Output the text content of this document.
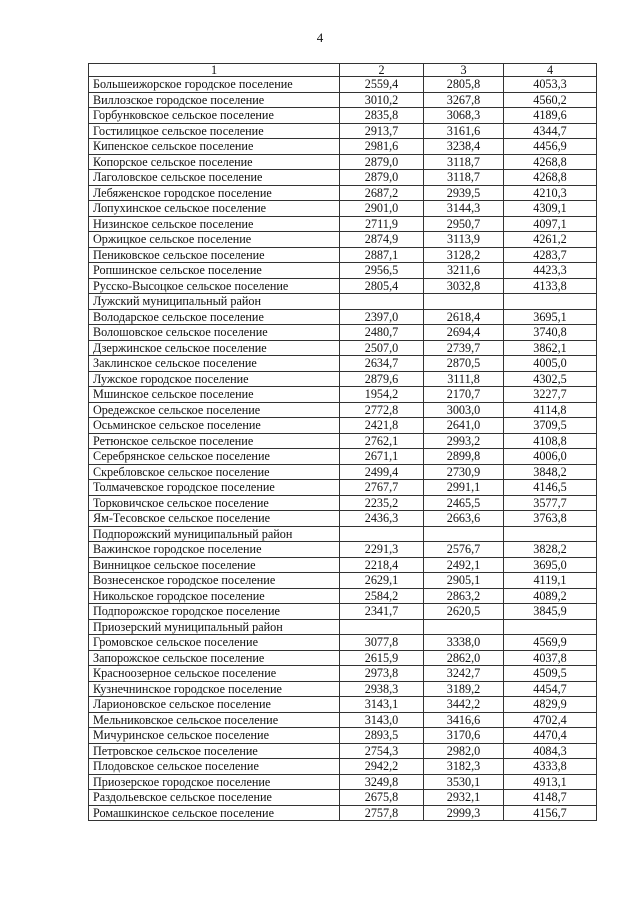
4
1	2	3	4
Большеижорское городское поселение	2559,4	2805,8	4053,3
Виллозское городское поселение	3010,2	3267,8	4560,2
Горбунковское сельское поселение	2835,8	3068,3	4189,6
Гостилицкое сельское поселение	2913,7	3161,6	4344,7
Кипенское сельское поселение	2981,6	3238,4	4456,9
Копорское сельское поселение	2879,0	3118,7	4268,8
Лаголовское сельское поселение	2879,0	3118,7	4268,8
Лебяженское городское поселение	2687,2	2939,5	4210,3
Лопухинское сельское поселение	2901,0	3144,3	4309,1
Низинское сельское поселение	2711,9	2950,7	4097,1
Оржицкое сельское поселение	2874,9	3113,9	4261,2
Пениковское сельское поселение	2887,1	3128,2	4283,7
Ропшинское сельское поселение	2956,5	3211,6	4423,3
Русско-Высоцкое сельское поселение	2805,4	3032,8	4133,8
Лужский муниципальный район			
Володарское сельское поселение	2397,0	2618,4	3695,1
Волошовское сельское поселение	2480,7	2694,4	3740,8
Дзержинское сельское поселение	2507,0	2739,7	3862,1
Заклинское сельское поселение	2634,7	2870,5	4005,0
Лужское городское поселение	2879,6	3111,8	4302,5
Мшинское сельское поселение	1954,2	2170,7	3227,7
Оредежское сельское поселение	2772,8	3003,0	4114,8
Осьминское сельское поселение	2421,8	2641,0	3709,5
Ретюнское сельское поселение	2762,1	2993,2	4108,8
Серебрянское сельское поселение	2671,1	2899,8	4006,0
Скребловское сельское поселение	2499,4	2730,9	3848,2
Толмачевское городское поселение	2767,7	2991,1	4146,5
Торковичское сельское поселение	2235,2	2465,5	3577,7
Ям-Тесовское сельское поселение	2436,3	2663,6	3763,8
Подпорожский муниципальный район			
Важинское городское поселение	2291,3	2576,7	3828,2
Винницкое сельское поселение	2218,4	2492,1	3695,0
Вознесенское городское поселение	2629,1	2905,1	4119,1
Никольское городское поселение	2584,2	2863,2	4089,2
Подпорожское городское поселение	2341,7	2620,5	3845,9
Приозерский муниципальный район			
Громовское сельское поселение	3077,8	3338,0	4569,9
Запорожское сельское поселение	2615,9	2862,0	4037,8
Красноозерное сельское поселение	2973,8	3242,7	4509,5
Кузнечнинское городское поселение	2938,3	3189,2	4454,7
Ларионовское сельское поселение	3143,1	3442,2	4829,9
Мельниковское сельское поселение	3143,0	3416,6	4702,4
Мичуринское сельское поселение	2893,5	3170,6	4470,4
Петровское сельское поселение	2754,3	2982,0	4084,3
Плодовское сельское поселение	2942,2	3182,3	4333,8
Приозерское городское поселение	3249,8	3530,1	4913,1
Раздольевское сельское поселение	2675,8	2932,1	4148,7
Ромашкинское сельское поселение	2757,8	2999,3	4156,7
